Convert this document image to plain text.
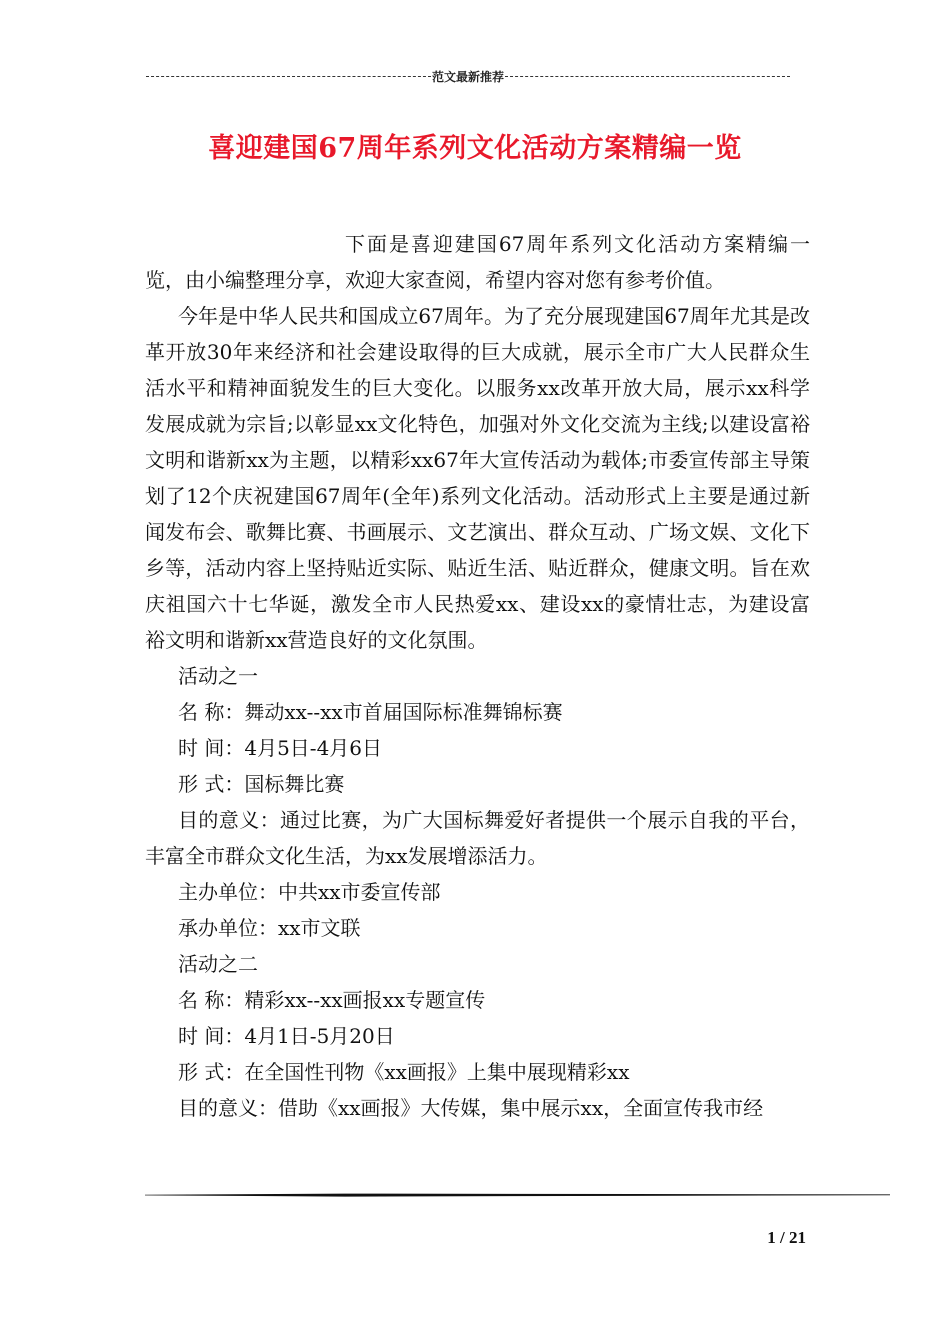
范文最新推荐
喜迎建国67周年系列文化活动方案精编一览

下面是喜迎建国67周年系列文化活动方案精编一览，由小编整理分享，欢迎大家查阅，希望内容对您有参考价值。

今年是中华人民共和国成立67周年。为了充分展现建国67周年尤其是改革开放30年来经济和社会建设取得的巨大成就，展示全市广大人民群众生活水平和精神面貌发生的巨大变化。以服务xx改革开放大局，展示xx科学发展成就为宗旨;以彰显xx文化特色，加强对外文化交流为主线;以建设富裕文明和谐新xx为主题，以精彩xx67年大宣传活动为载体;市委宣传部主导策划了12个庆祝建国67周年(全年)系列文化活动。活动形式上主要是通过新闻发布会、歌舞比赛、书画展示、文艺演出、群众互动、广场文娱、文化下乡等，活动内容上坚持贴近实际、贴近生活、贴近群众，健康文明。旨在欢庆祖国六十七华诞，激发全市人民热爱xx、建设xx的豪情壮志，为建设富裕文明和谐新xx营造良好的文化氛围。

活动之一

名 称：舞动xx--xx市首届国际标准舞锦标赛

时 间：4月5日-4月6日

形 式：国标舞比赛

目的意义：通过比赛，为广大国标舞爱好者提供一个展示自我的平台，丰富全市群众文化生活，为xx发展增添活力。

主办单位：中共xx市委宣传部

承办单位：xx市文联

活动之二

名 称：精彩xx--xx画报xx专题宣传

时 间：4月1日-5月20日

形 式：在全国性刊物《xx画报》上集中展现精彩xx

目的意义：借助《xx画报》大传媒，集中展示xx，全面宣传我市经

1 / 21
